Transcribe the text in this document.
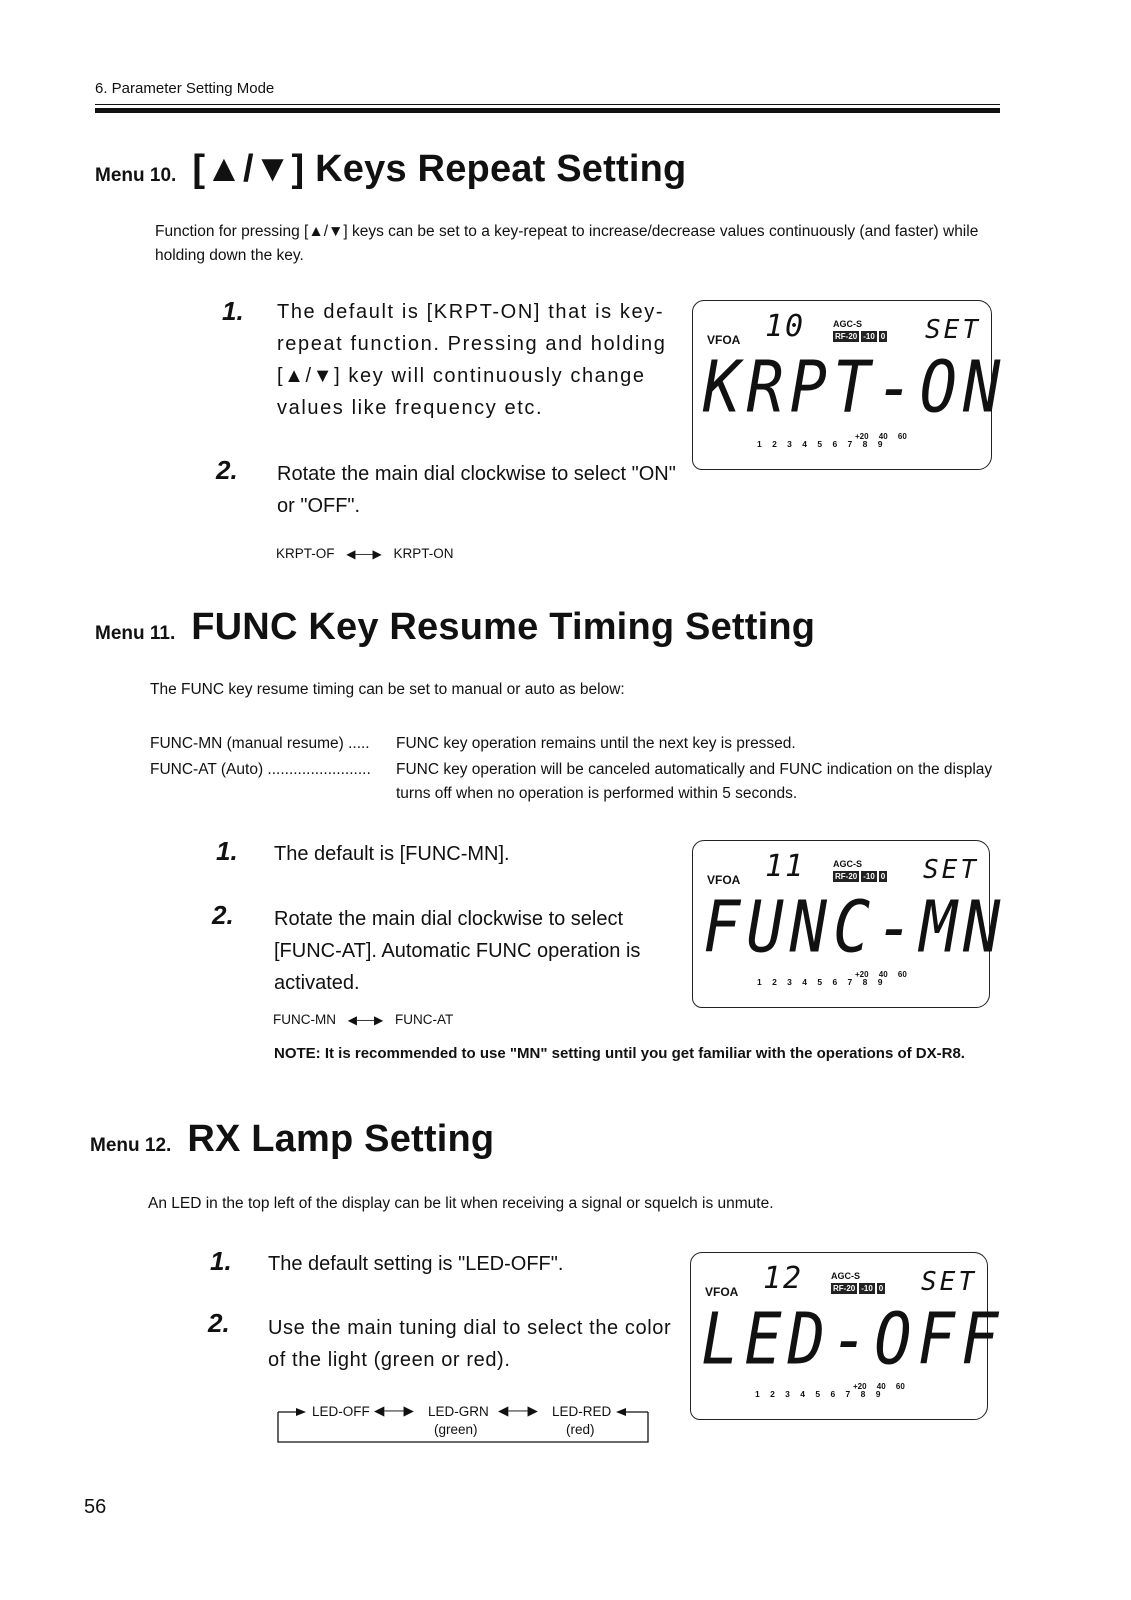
6. Parameter Setting Mode
Menu 10. [▲/▼] Keys Repeat Setting
Function for pressing [▲/▼] keys can be set to a key-repeat to increase/decrease values continuously (and faster) while holding down the key.
1. The default is [KRPT-ON] that is key-repeat function. Pressing and holding [▲/▼] key will continuously change values like frequency etc.
2. Rotate the main dial clockwise to select "ON" or "OFF".
KRPT-OF ◀──▶ KRPT-ON
VFOA 10	AGC-S
RF-20 -10 0 SET
KRPT-ON
1 2 3 4 5 6 7 8 9
+20 40 60
Menu 11. FUNC Key Resume Timing Setting
The FUNC key resume timing can be set to manual or auto as below:
FUNC-MN (manual resume) ..... FUNC key operation remains until the next key is pressed.
FUNC-AT (Auto) ........................	FUNC key operation will be canceled automatically and FUNC indication on the display turns off when no operation is performed within 5 seconds.
1. The default is [FUNC-MN].
2. Rotate the main dial clockwise to select [FUNC-AT]. Automatic FUNC operation is activated.
FUNC-MN ◀──▶ FUNC-AT
NOTE: It is recommended to use "MN" setting until you get familiar with the operations of DX-R8.
VFOA 11	AGC-S
RF-20 -10 0 SET
FUNC-MN
1 2 3 4 5 6 7 8 9
+20 40 60
Menu 12. RX Lamp Setting
An LED in the top left of the display can be lit when receiving a signal or squelch is unmute.
1. The default setting is "LED-OFF".
2. Use the main tuning dial to select the color of the light (green or red).
LED-OFF ◀──▶ LED-GRN
(green)
◀──▶ LED-RED
(red)
VFOA 12	AGC-S
RF-20 -10 0 SET
LED-OFF
1 2 3 4 5 6 7 8 9
+20 40 60
56
